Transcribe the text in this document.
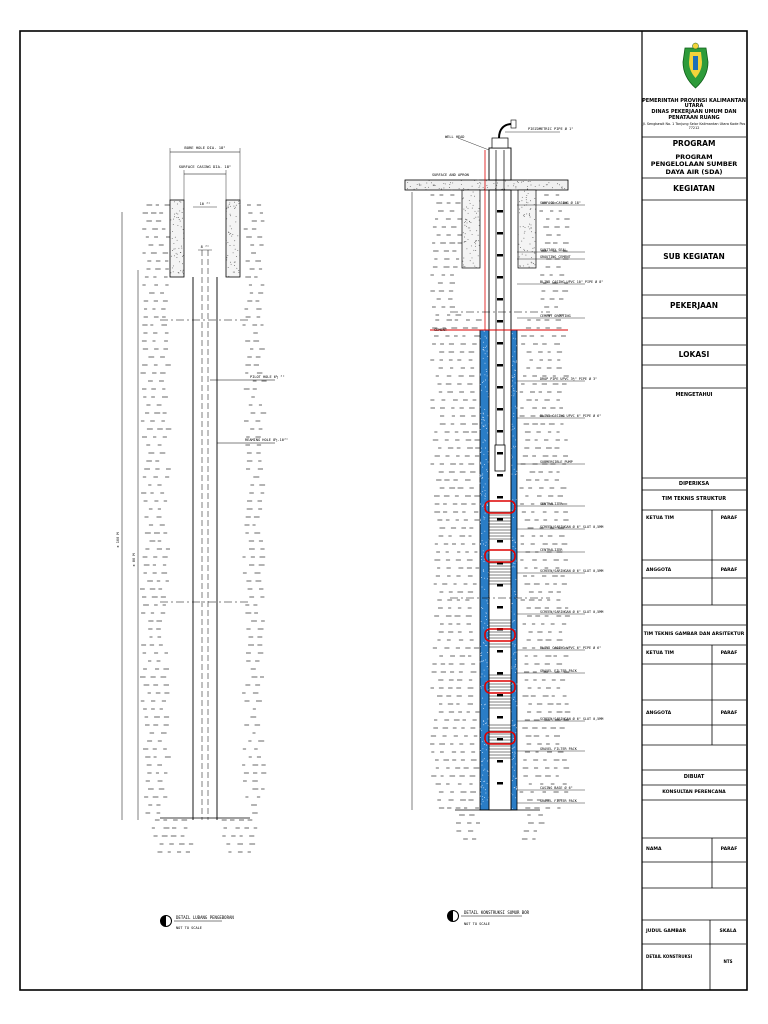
BORE HOLE DIA. 18"
SURFACE CASING DIA. 18"
10 ²"
8 ²"
± 100 M
± 80 M
PILOT HOLE 6½ ²"
REAMING HOLE 8½-10²"
DETAIL LUBANG PENGEBORAN
NOT TO SCALE
WELL HEAD
PIEZOMETRIC PIPE Ø 1"
SURFACE AND APRON
CEMENT
SURFACE CASING Ø 18"
SANITARY SEAL
GROUTING CEMENT
BLIND CASING UPVC 10" PIPE Ø 8"
CEMENT GROUTING
DROP PIPE UPVC 3½" PIPE Ø 3"
BLIND CASING UPVC 6" PIPE Ø 6"
SUBMERSIBLE PUMP
CENTRALIZER
SCREEN/SARINGAN Ø 6" SLOT 0,5MM
CENTRALIZER
SCREEN/SARINGAN Ø 6" SLOT 0,5MM
SCREEN/SARINGAN Ø 6" SLOT 0,5MM
BLIND CASING UPVC 6" PIPE Ø 6"
GRAVEL FILTER PACK
SCREEN/SARINGAN Ø 6" SLOT 0,5MM
GRAVEL FILTER PACK
CASING BASE Ø 6"
GRAVEL FILTER PACK
DETAIL KONSTRUKSI SUMUR BOR
NOT TO SCALE
PEMERINTAH PROVINSI KALIMANTAN UTARA
DINAS PEKERJAAN UMUM DAN
PENATAAN RUANG
Jl. Sengkawit No. 1 Tanjung Selor Kalimantan Utara Kode Pos 77212
PROGRAM
PROGRAM PENGELOLAAN SUMBER DAYA AIR (SDA)
KEGIATAN
SUB KEGIATAN
PEKERJAAN
LOKASI
MENGETAHUI
DIPERIKSA
TIM TEKNIS STRUKTUR
KETUA TIM	PARAF
ANGGOTA	PARAF
TIM TEKNIS GAMBAR DAN ARSITEKTUR
KETUA TIM	PARAF
ANGGOTA	PARAF
DIBUAT
KONSULTAN PERENCANA
NAMA	PARAF
JUDUL GAMBAR	SKALA
DETAIL KONSTRUKSI
NTS
